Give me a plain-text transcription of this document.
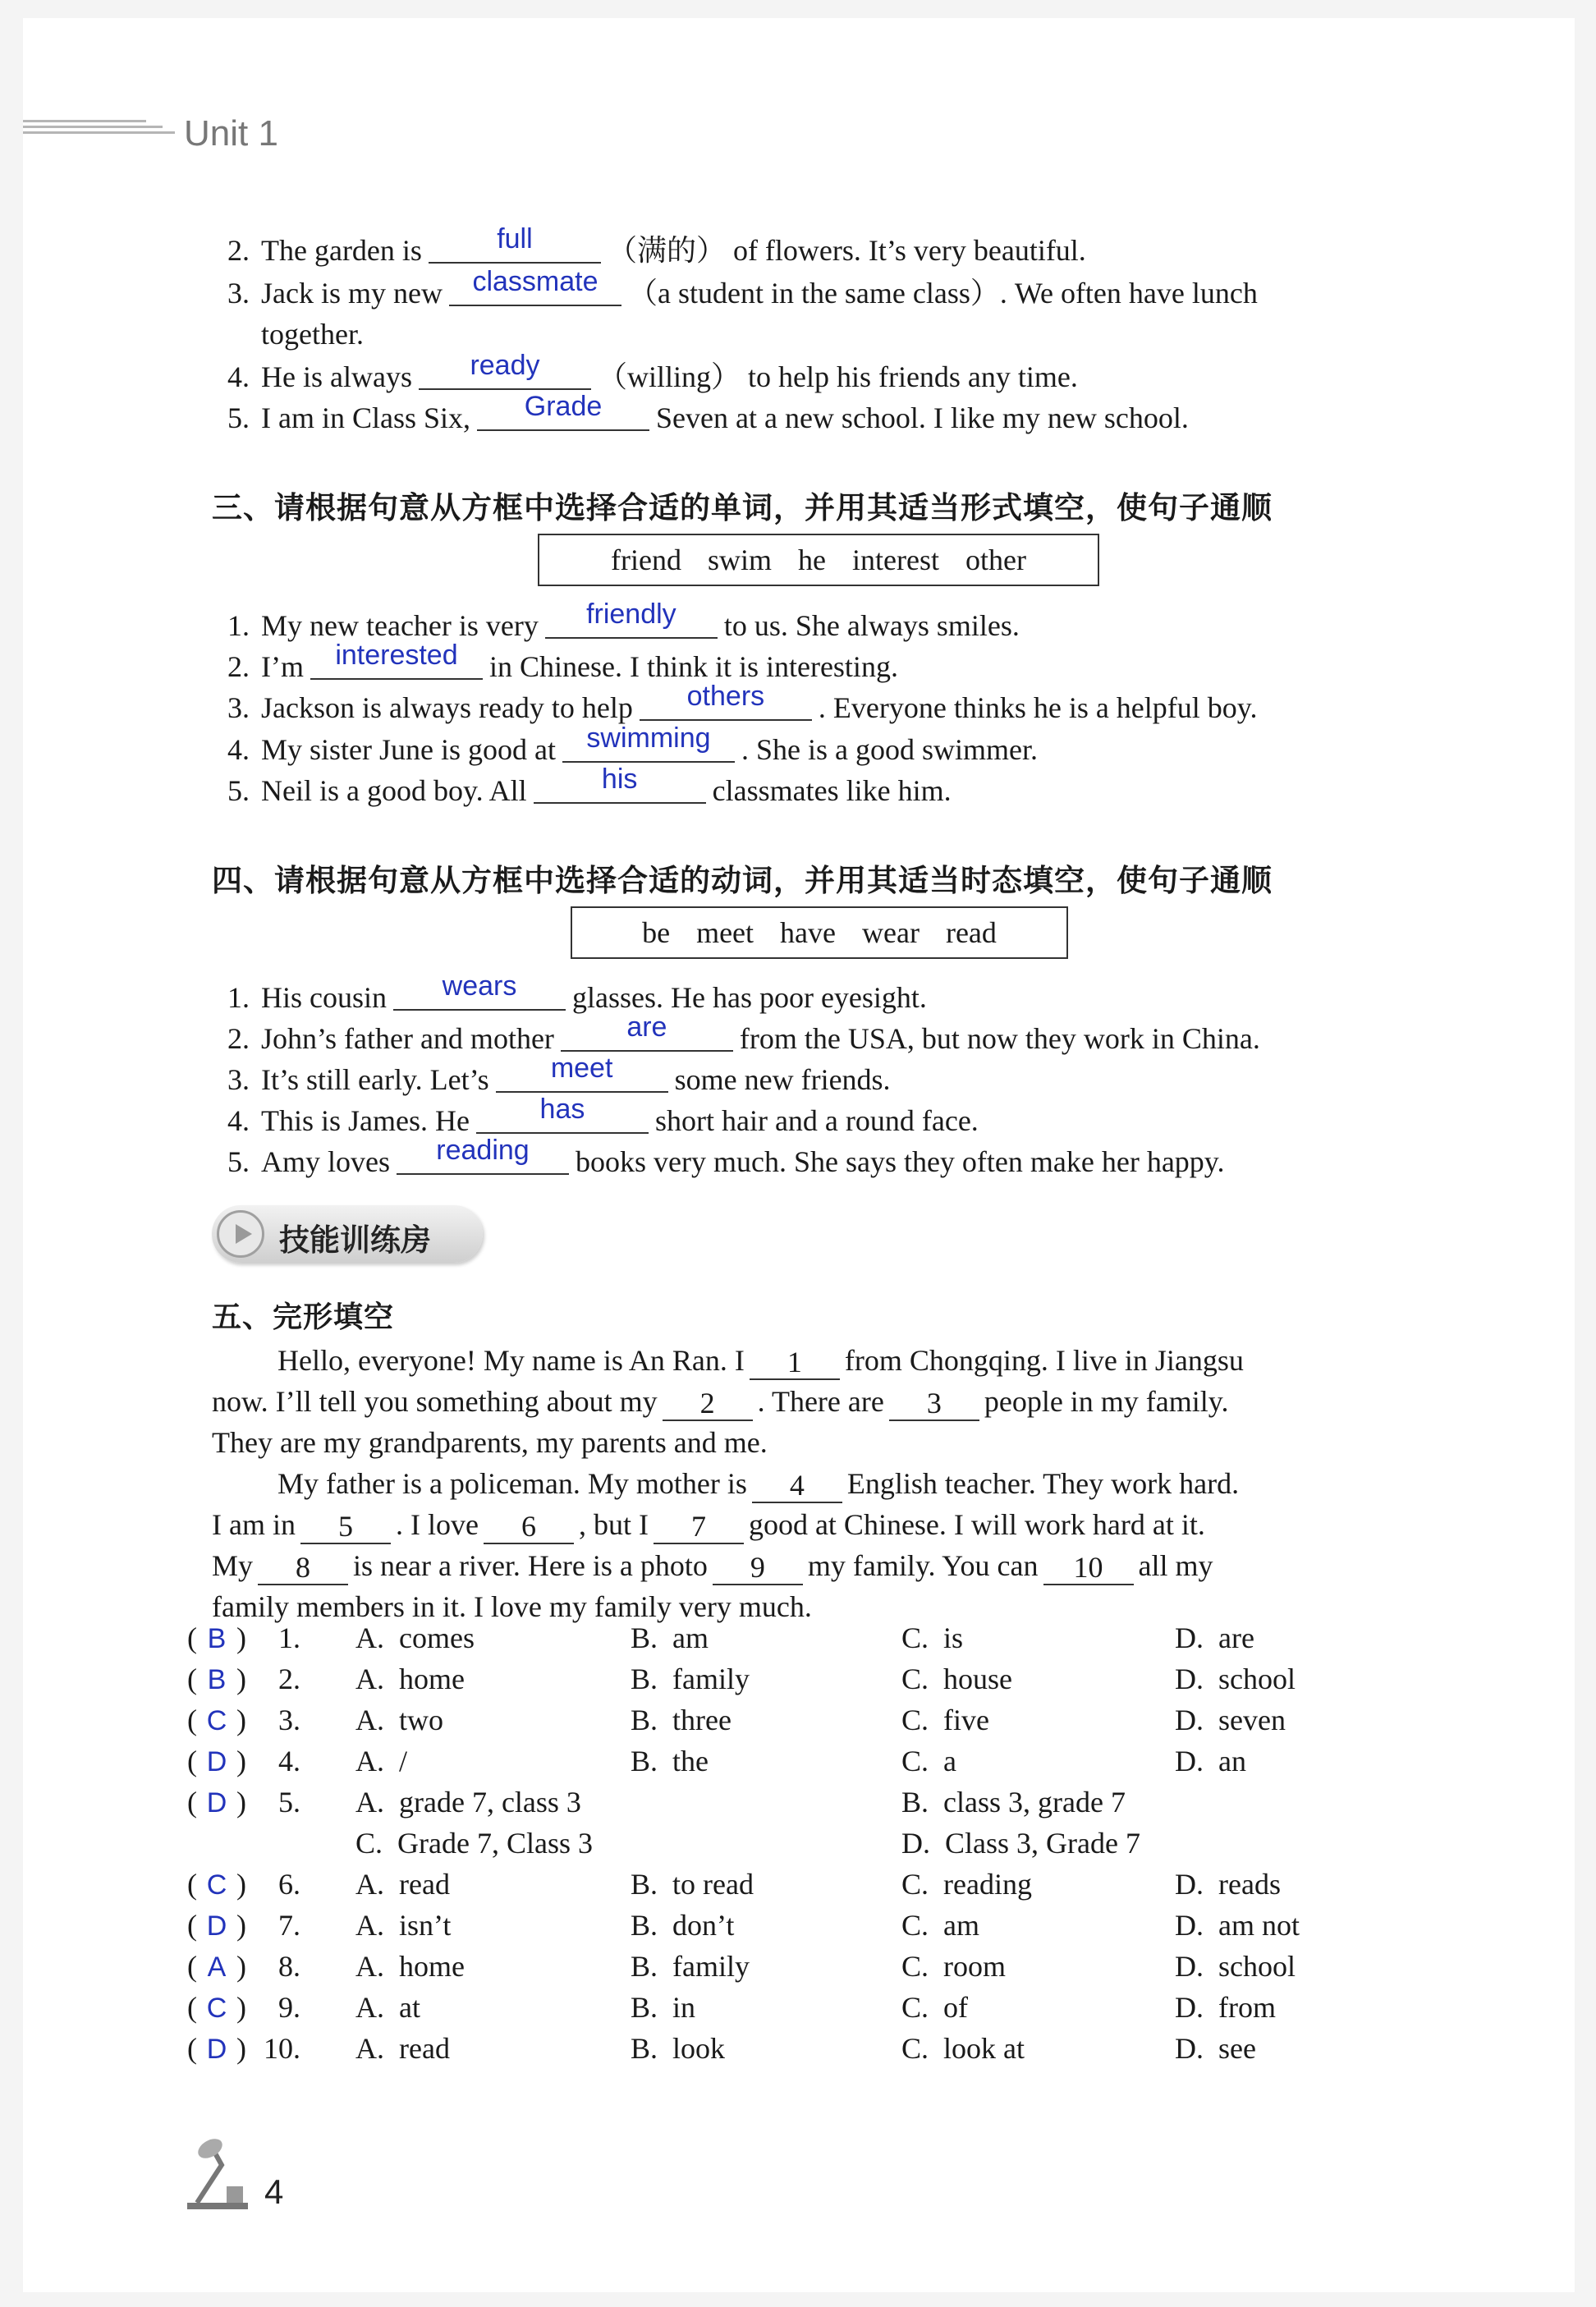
Unit 1
2. The garden is	full	（满的） of flowers. It’s very beautiful.
3. Jack is my new	classmate	（a student in the same class）. We often have lunch
together.
4. He is always	ready	（willing） to help his friends any time.
5. I am in Class Six,	Grade	Seven at a new school. I like my new school.
三、请根据句意从方框中选择合适的单词，并用其适当形式填空，使句子通顺
friend swim he interest other
1. My new teacher is very	friendly	to us. She always smiles.
2. I’m	interested	in Chinese. I think it is interesting.
3. Jackson is always ready to help	others	. Everyone thinks he is a helpful boy.
4. My sister June is good at	swimming	. She is a good swimmer.
5. Neil is a good boy. All	his	classmates like him.
四、请根据句意从方框中选择合适的动词，并用其适当时态填空，使句子通顺
be meet have wear read
1. His cousin	wears	glasses. He has poor eyesight.
2. John’s father and mother	are	from the USA, but now they work in China.
3. It’s still early. Let’s	meet	some new friends.
4. This is James. He	has	short hair and a round face.
5. Amy loves	reading	books very much. She says they often make her happy.
技能训练房
五、完形填空
Hello, everyone! My name is An Ran. I 1 from Chongqing. I live in Jiangsu
now. I’ll tell you something about my 2 . There are 3 people in my family.
They are my grandparents, my parents and me.
My father is a policeman. My mother is 4 English teacher. They work hard.
I am in 5 . I love 6 , but I 7 good at Chinese. I will work hard at it.
My 8 is near a river. Here is a photo 9 my family. You can 10 all my
family members in it. I love my family very much.
( B ) 1. A.  comes	B.  am	C.  is	D.  are
( B ) 2. A.  home	B.  family	C.  house	D.  school
( C ) 3. A.  two	B.  three	C.  five	D.  seven
( D ) 4. A.  /	B.  the	C.  a	D.  an
( D ) 5. A.  grade 7, class 3	B.  class 3, grade 7
C.  Grade 7, Class 3	D.  Class 3, Grade 7
( C ) 6. A.  read	B.  to read	C.  reading	D.  reads
( D ) 7. A.  isn’t	B.  don’t	C.  am	D.  am not
( A ) 8. A.  home	B.  family	C.  room	D.  school
( C ) 9. A.  at	B.  in	C.  of	D.  from
( D ) 10. A.  read	B.  look	C.  look at	D.  see
4
